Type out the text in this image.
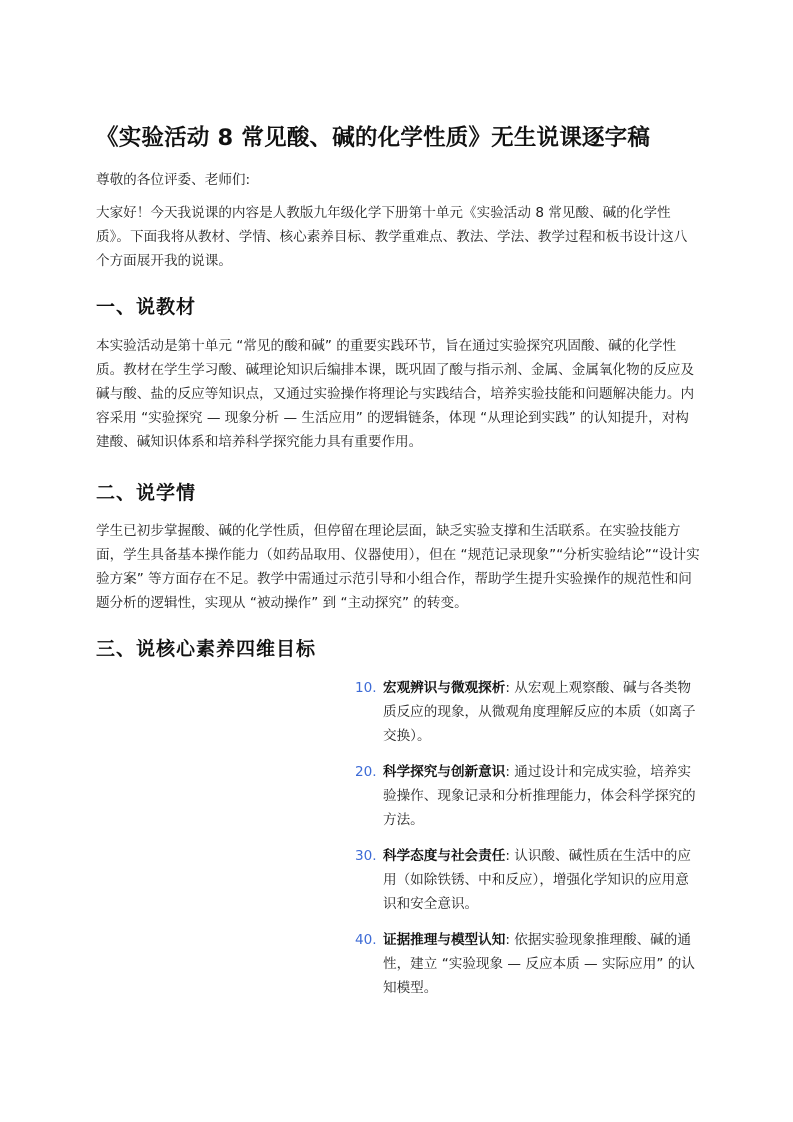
《实验活动 8 常见酸、碱的化学性质》无生说课逐字稿

尊敬的各位评委、老师们:

大家好！今天我说课的内容是人教版九年级化学下册第十单元《实验活动 8 常见酸、碱的化学性质》。下面我将从教材、学情、核心素养目标、教学重难点、教法、学法、教学过程和板书设计这八个方面展开我的说课。

一、说教材

本实验活动是第十单元 “常见的酸和碱” 的重要实践环节，旨在通过实验探究巩固酸、碱的化学性质。教材在学生学习酸、碱理论知识后编排本课，既巩固了酸与指示剂、金属、金属氧化物的反应及碱与酸、盐的反应等知识点，又通过实验操作将理论与实践结合，培养实验技能和问题解决能力。内容采用 “实验探究 — 现象分析 — 生活应用” 的逻辑链条，体现 “从理论到实践” 的认知提升，对构建酸、碱知识体系和培养科学探究能力具有重要作用。

二、说学情

学生已初步掌握酸、碱的化学性质，但停留在理论层面，缺乏实验支撑和生活联系。在实验技能方面，学生具备基本操作能力（如药品取用、仪器使用），但在 “规范记录现象”“分析实验结论”“设计实验方案” 等方面存在不足。教学中需通过示范引导和小组合作，帮助学生提升实验操作的规范性和问题分析的逻辑性，实现从 “被动操作” 到 “主动探究” 的转变。

三、说核心素养四维目标
10. 宏观辨识与微观探析: 从宏观上观察酸、碱与各类物质反应的现象，从微观角度理解反应的本质（如离子交换）。
20. 科学探究与创新意识: 通过设计和完成实验，培养实验操作、现象记录和分析推理能力，体会科学探究的方法。
30. 科学态度与社会责任: 认识酸、碱性质在生活中的应用（如除铁锈、中和反应），增强化学知识的应用意识和安全意识。
40. 证据推理与模型认知: 依据实验现象推理酸、碱的通性，建立 “实验现象 — 反应本质 — 实际应用” 的认知模型。
